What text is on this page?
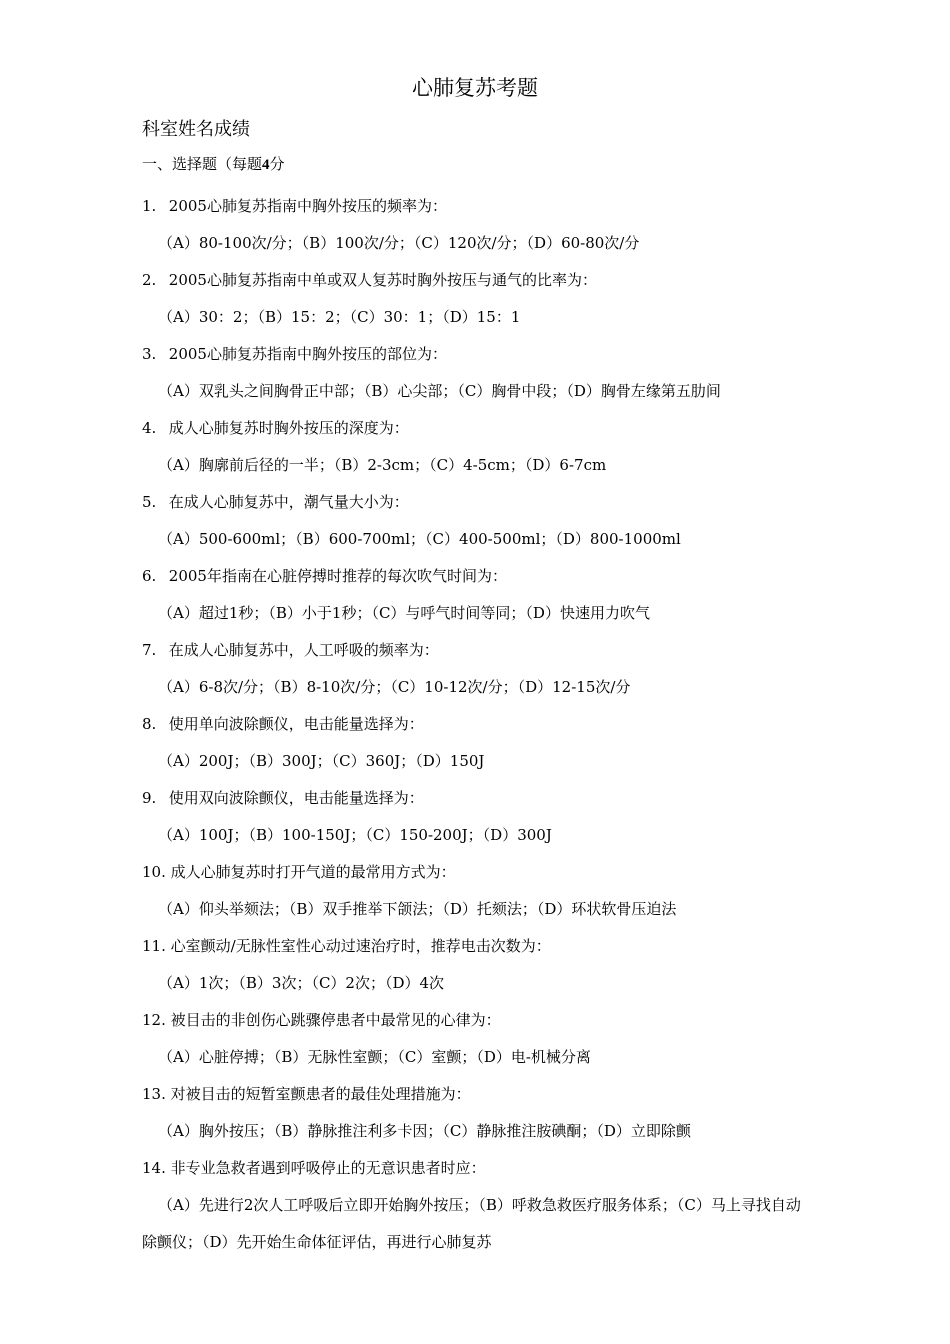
心肺复苏考题
科室姓名成绩
一、选择题（每题4分
1. 2005心肺复苏指南中胸外按压的频率为：
（A）80-100次/分；（B）100次/分；（C）120次/分；（D）60-80次/分
2. 2005心肺复苏指南中单或双人复苏时胸外按压与通气的比率为：
（A）30：2；（B）15：2；（C）30：1；（D）15：1
3. 2005心肺复苏指南中胸外按压的部位为：
（A）双乳头之间胸骨正中部；（B）心尖部；（C）胸骨中段；（D）胸骨左缘第五肋间
4. 成人心肺复苏时胸外按压的深度为：
（A）胸廓前后径的一半；（B）2-3cm；（C）4-5cm；（D）6-7cm
5. 在成人心肺复苏中，潮气量大小为：
（A）500-600ml；（B）600-700ml；（C）400-500ml；（D）800-1000ml
6. 2005年指南在心脏停搏时推荐的每次吹气时间为：
（A）超过1秒；（B）小于1秒；（C）与呼气时间等同；（D）快速用力吹气
7. 在成人心肺复苏中，人工呼吸的频率为：
（A）6-8次/分；（B）8-10次/分；（C）10-12次/分；（D）12-15次/分
8. 使用单向波除颤仪，电击能量选择为：
（A）200J；（B）300J；（C）360J；（D）150J
9. 使用双向波除颤仪，电击能量选择为：
（A）100J；（B）100-150J；（C）150-200J；（D）300J
10. 成人心肺复苏时打开气道的最常用方式为：
（A）仰头举颏法；（B）双手推举下颌法；（D）托颏法；（D）环状软骨压迫法
11. 心室颤动/无脉性室性心动过速治疗时，推荐电击次数为：
（A）1次；（B）3次；（C）2次；（D）4次
12. 被目击的非创伤心跳骤停患者中最常见的心律为：
（A）心脏停搏；（B）无脉性室颤；（C）室颤；（D）电-机械分离
13. 对被目击的短暂室颤患者的最佳处理措施为：
（A）胸外按压；（B）静脉推注利多卡因；（C）静脉推注胺碘酮；（D）立即除颤
14. 非专业急救者遇到呼吸停止的无意识患者时应：
（A）先进行2次人工呼吸后立即开始胸外按压；（B）呼救急救医疗服务体系；（C）马上寻找自动除颤仪；（D）先开始生命体征评估，再进行心肺复苏
